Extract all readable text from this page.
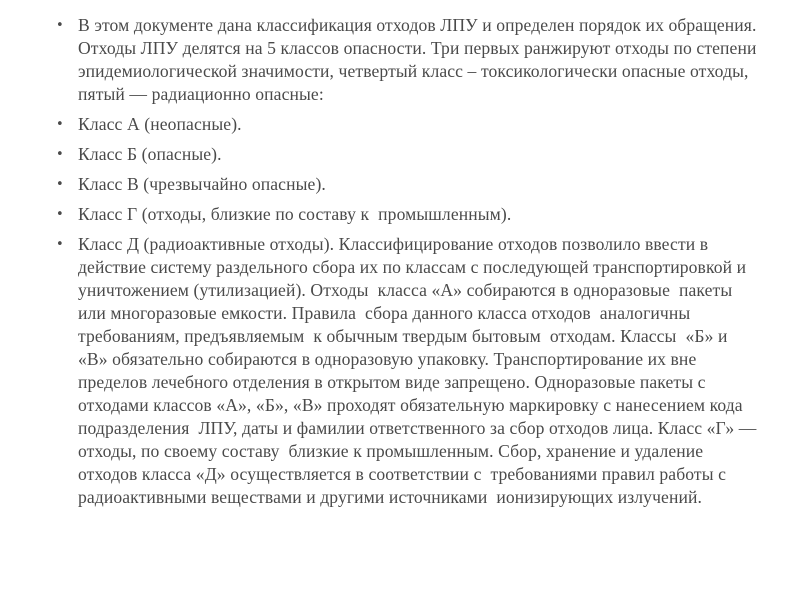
• В этом документе дана классификация отходов ЛПУ и определен порядок их обращения. Отходы ЛПУ делятся на 5 классов опасности. Три первых ранжируют отходы по степени эпидемиологической значимости, четвертый класс – токсикологически опасные отходы, пятый — радиационно опасные:
• Класс А (неопасные).
• Класс Б (опасные).
• Класс В (чрезвычайно опасные).
• Класс Г (отходы, близкие по составу к  промышленным).
• Класс Д (радиоактивные отходы). Классифицирование отходов позволило ввести в действие систему раздельного сбора их по классам с последующей транспортировкой и уничтожением (утилизацией). Отходы  класса «А» собираются в одноразовые  пакеты или многоразовые емкости. Правила  сбора данного класса отходов  аналогичны требованиям, предъявляемым  к обычным твердым бытовым  отходам. Классы  «Б» и «В» обязательно собираются в одноразовую упаковку. Транспортирование их вне пределов лечебного отделения в открытом виде запрещено. Одноразовые пакеты с отходами классов «А», «Б», «В» проходят обязательную маркировку с нанесением кода подразделения  ЛПУ, даты и фамилии ответственного за сбор отходов лица. Класс «Г» — отходы, по своему составу  близкие к промышленным. Сбор, хранение и удаление отходов класса «Д» осуществляется в соответствии с  требованиями правил работы с радиоактивными веществами и другими источниками  ионизирующих излучений.
